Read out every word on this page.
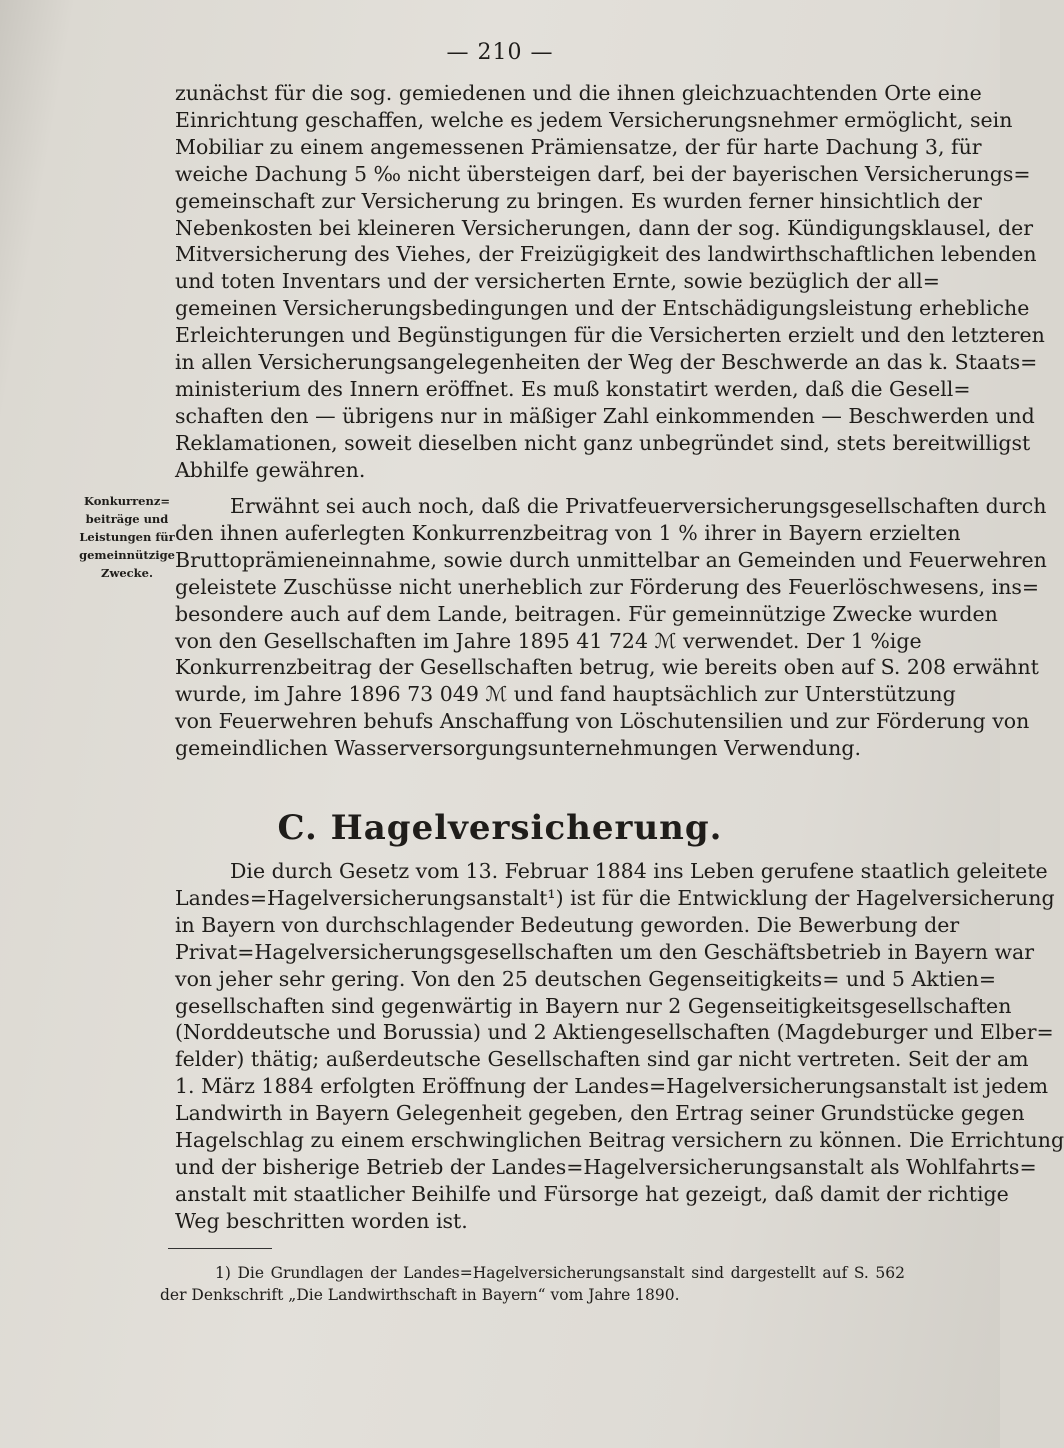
— 210 —
zunächst für die sog. gemiedenen und die ihnen gleichzuachtenden Orte eine
Einrichtung geschaffen, welche es jedem Versicherungsnehmer ermöglicht, sein
Mobiliar zu einem angemessenen Prämiensatze, der für harte Dachung 3, für
weiche Dachung 5 ‰ nicht übersteigen darf, bei der bayerischen Versicherungs=
gemeinschaft zur Versicherung zu bringen. Es wurden ferner hinsichtlich der
Nebenkosten bei kleineren Versicherungen, dann der sog. Kündigungsklausel, der
Mitversicherung des Viehes, der Freizügigkeit des landwirthschaftlichen lebenden
und toten Inventars und der versicherten Ernte, sowie bezüglich der all=
gemeinen Versicherungsbedingungen und der Entschädigungsleistung erhebliche
Erleichterungen und Begünstigungen für die Versicherten erzielt und den letzteren
in allen Versicherungsangelegenheiten der Weg der Beschwerde an das k. Staats=
ministerium des Innern eröffnet. Es muß konstatirt werden, daß die Gesell=
schaften den — übrigens nur in mäßiger Zahl einkommenden — Beschwerden und
Reklamationen, soweit dieselben nicht ganz unbegründet sind, stets bereitwilligst
Abhilfe gewähren.
Konkurrenz=
beiträge und
Leistungen für
gemeinnützige
Zwecke.
Erwähnt sei auch noch, daß die Privatfeuerversicherungsgesellschaften durch
den ihnen auferlegten Konkurrenzbeitrag von 1 % ihrer in Bayern erzielten
Bruttoprämieneinnahme, sowie durch unmittelbar an Gemeinden und Feuerwehren
geleistete Zuschüsse nicht unerheblich zur Förderung des Feuerlöschwesens, ins=
besondere auch auf dem Lande, beitragen. Für gemeinnützige Zwecke wurden
von den Gesellschaften im Jahre 1895 41 724 ℳ verwendet. Der 1 %ige
Konkurrenzbeitrag der Gesellschaften betrug, wie bereits oben auf S. 208 erwähnt
wurde, im Jahre 1896 73 049 ℳ und fand hauptsächlich zur Unterstützung
von Feuerwehren behufs Anschaffung von Löschutensilien und zur Förderung von
gemeindlichen Wasserversorgungsunternehmungen Verwendung.
C. Hagelversicherung.
Die durch Gesetz vom 13. Februar 1884 ins Leben gerufene staatlich geleitete
Landes=Hagelversicherungsanstalt¹) ist für die Entwicklung der Hagelversicherung
in Bayern von durchschlagender Bedeutung geworden. Die Bewerbung der
Privat=Hagelversicherungsgesellschaften um den Geschäftsbetrieb in Bayern war
von jeher sehr gering. Von den 25 deutschen Gegenseitigkeits= und 5 Aktien=
gesellschaften sind gegenwärtig in Bayern nur 2 Gegenseitigkeitsgesellschaften
(Norddeutsche und Borussia) und 2 Aktiengesellschaften (Magdeburger und Elber=
felder) thätig; außerdeutsche Gesellschaften sind gar nicht vertreten. Seit der am
1. März 1884 erfolgten Eröffnung der Landes=Hagelversicherungsanstalt ist jedem
Landwirth in Bayern Gelegenheit gegeben, den Ertrag seiner Grundstücke gegen
Hagelschlag zu einem erschwinglichen Beitrag versichern zu können. Die Errichtung
und der bisherige Betrieb der Landes=Hagelversicherungsanstalt als Wohlfahrts=
anstalt mit staatlicher Beihilfe und Fürsorge hat gezeigt, daß damit der richtige
Weg beschritten worden ist.
1) Die Grundlagen der Landes=Hagelversicherungsanstalt sind dargestellt auf S. 562
der Denkschrift „Die Landwirthschaft in Bayern“ vom Jahre 1890.
